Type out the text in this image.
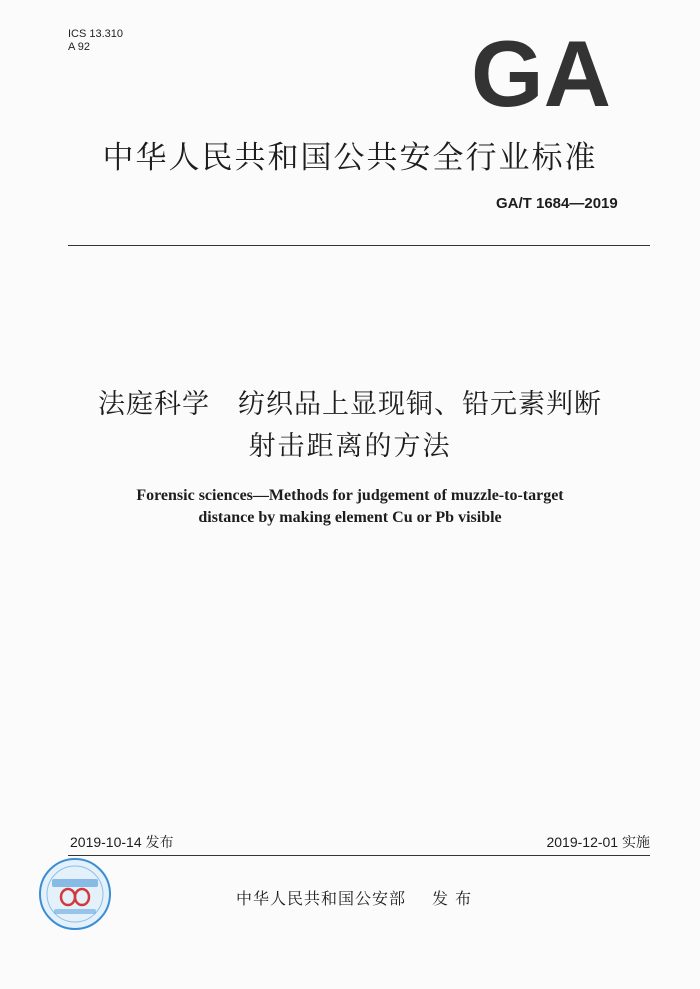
ICS 13.310
A 92	GA
中华人民共和国公共安全行业标准
GA/T 1684—2019
法庭科学 纺织品上显现铜、铅元素判断
射击距离的方法
Forensic sciences—Methods for judgement of muzzle-to-target
distance by making element Cu or Pb visible
2019-10-14 发布	2019-12-01 实施
中华人民共和国公安部 发 布
